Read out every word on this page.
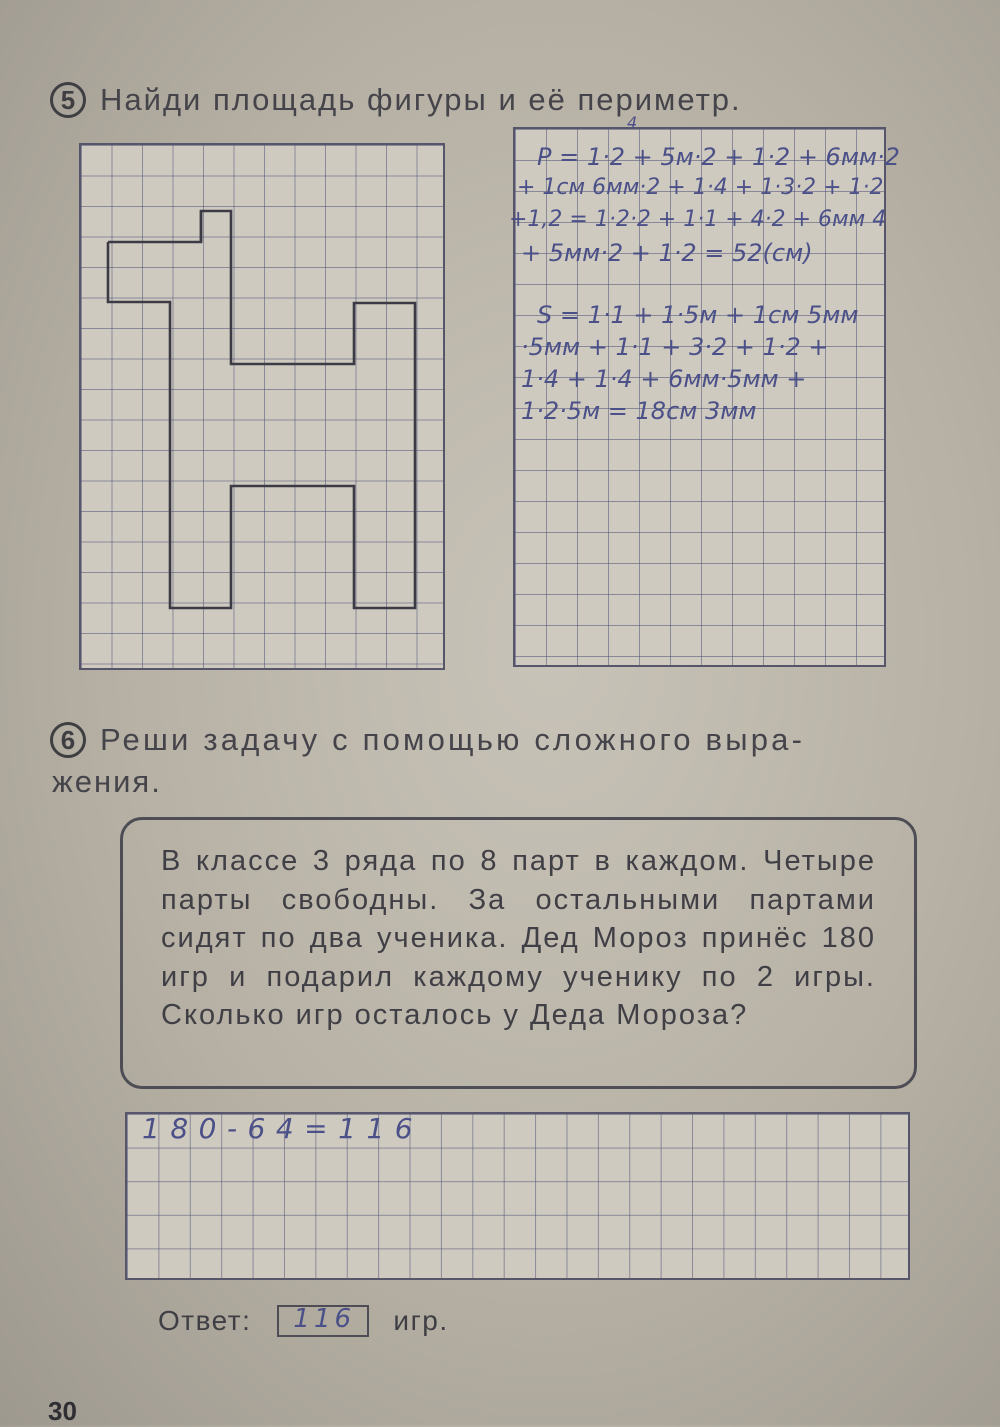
5 Найди площадь фигуры и её периметр.
4
P = 1·2 + 5м·2 + 1·2 + 6мм·2
+ 1см 6мм·2 + 1·4 + 1·3·2 + 1·2
+1,2 = 1·2·2 + 1·1 + 4·2 + 6мм 4
+ 5мм·2 + 1·2 = 52(см)
S = 1·1 + 1·5м + 1см 5мм
·5мм + 1·1 + 3·2 + 1·2 +
1·4 + 1·4 + 6мм·5мм +
1·2·5м = 18см 3мм
6 Реши задачу с помощью сложного выра-
жения.

В классе 3 ряда по 8 парт в каждом. Четыре парты свободны. За остальными партами сидят по два ученика. Дед Мороз принёс 180 игр и подарил каждому ученику по 2 игры. Сколько игр осталось у Деда Мороза?

180-64=116
Ответ: 116 игр.
30
